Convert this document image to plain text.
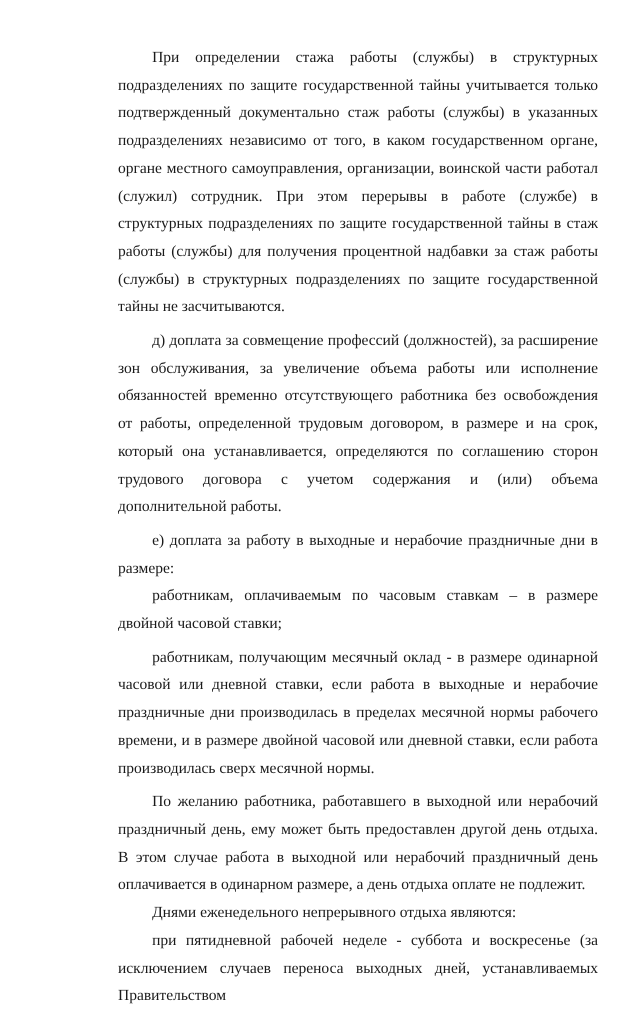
При определении стажа работы (службы) в структурных подразделениях по защите государственной тайны учитывается только подтвержденный документально стаж работы (службы) в указанных подразделениях независимо от того, в каком государственном органе, органе местного самоуправления, организации, воинской части работал (служил) сотрудник. При этом перерывы в работе (службе) в структурных подразделениях по защите государственной тайны в стаж работы (службы) для получения процентной надбавки за стаж работы (службы) в структурных подразделениях по защите государственной тайны не засчитываются.

д) доплата за совмещение профессий (должностей), за расширение зон обслуживания, за увеличение объема работы или исполнение обязанностей временно отсутствующего работника без освобождения от работы, определенной трудовым договором, в размере и на срок, который она устанавливается, определяются по соглашению сторон трудового договора с учетом содержания и (или) объема дополнительной работы.

е) доплата за работу в выходные и нерабочие праздничные дни в размере:

работникам, оплачиваемым по часовым ставкам – в размере двойной часовой ставки;

работникам, получающим месячный оклад - в размере одинарной часовой или дневной ставки, если работа в выходные и нерабочие праздничные дни производилась в пределах месячной нормы рабочего времени, и в размере двойной часовой или дневной ставки, если работа производилась сверх месячной нормы.

По желанию работника, работавшего в выходной или нерабочий праздничный день, ему может быть предоставлен другой день отдыха. В этом случае работа в выходной или нерабочий праздничный день оплачивается в одинарном размере, а день отдыха оплате не подлежит.

Днями еженедельного непрерывного отдыха являются:

при пятидневной рабочей неделе - суббота и воскресенье (за исключением случаев переноса выходных дней, устанавливаемых Правительством
